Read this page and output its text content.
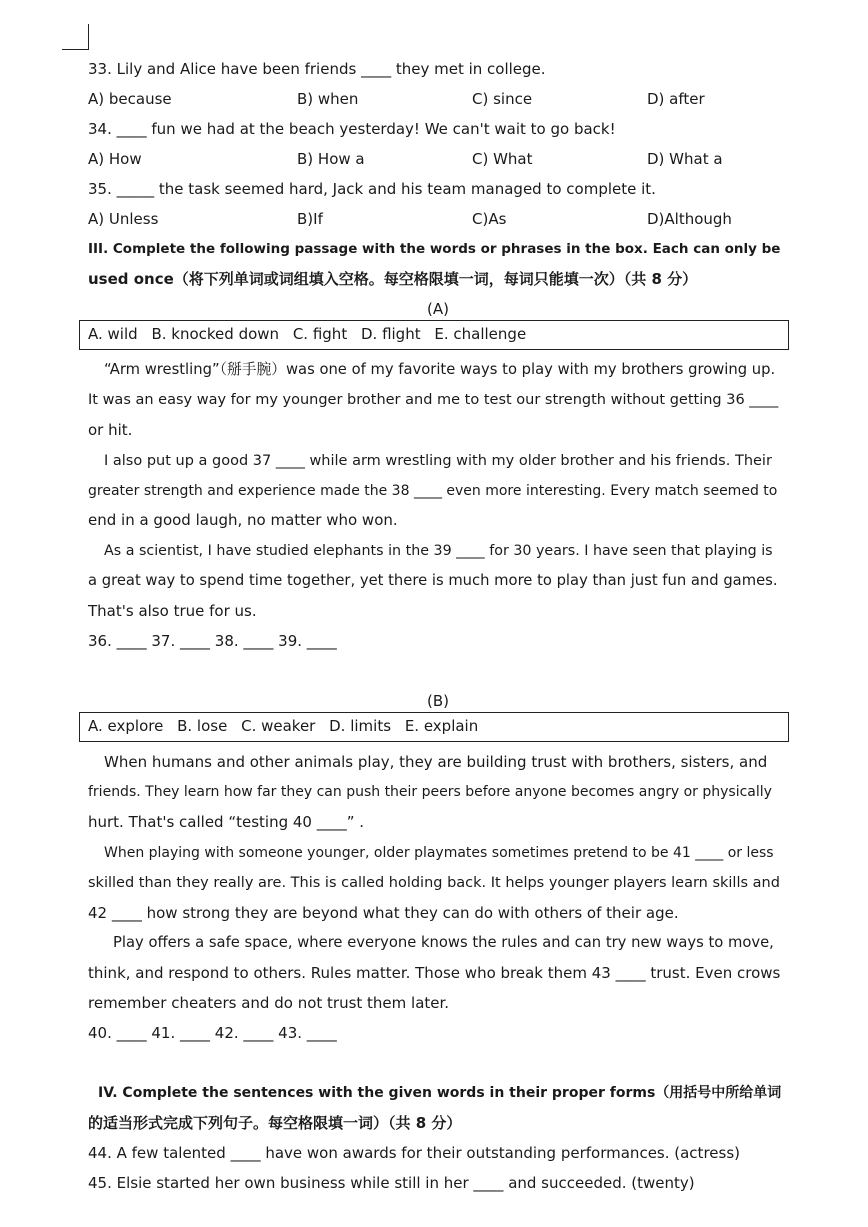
33. Lily and Alice have been friends ____ they met in college.
A) because	B) when	C) since	D) after
34. ____ fun we had at the beach yesterday! We can't wait to go back!
A) How	B) How a	C) What	D) What a
35. _____ the task seemed hard, Jack and his team managed to complete it.
A) Unless	B)If	C)As	D)Although
III. Complete the following passage with the words or phrases in the box. Each can only be
used once（将下列单词或词组填入空格。每空格限填一词，每词只能填一次）（共 8 分）
(A)
A. wild B. knocked down C. fight D. flight E. challenge
“Arm wrestling”（掰手腕）was one of my favorite ways to play with my brothers growing up.
It was an easy way for my younger brother and me to test our strength without getting 36 ____
or hit.
I also put up a good 37 ____ while arm wrestling with my older brother and his friends. Their
greater strength and experience made the 38 ____ even more interesting. Every match seemed to
end in a good laugh, no matter who won.
As a scientist, I have studied elephants in the 39 ____ for 30 years. I have seen that playing is
a great way to spend time together, yet there is much more to play than just fun and games.
That's also true for us.
36. ____ 37. ____ 38. ____ 39. ____
(B)
A. explore B. lose C. weaker D. limits E. explain
When humans and other animals play, they are building trust with brothers, sisters, and
friends. They learn how far they can push their peers before anyone becomes angry or physically
hurt. That's called “testing 40 ____” .
When playing with someone younger, older playmates sometimes pretend to be 41 ____ or less
skilled than they really are. This is called holding back. It helps younger players learn skills and
42 ____ how strong they are beyond what they can do with others of their age.
Play offers a safe space, where everyone knows the rules and can try new ways to move,
think, and respond to others. Rules matter. Those who break them 43 ____ trust. Even crows
remember cheaters and do not trust them later.
40. ____ 41. ____ 42. ____ 43. ____
IV. Complete the sentences with the given words in their proper forms（用括号中所给单词
的适当形式完成下列句子。每空格限填一词）（共 8 分）
44. A few talented ____ have won awards for their outstanding performances. (actress)
45. Elsie started her own business while still in her ____ and succeeded. (twenty)
